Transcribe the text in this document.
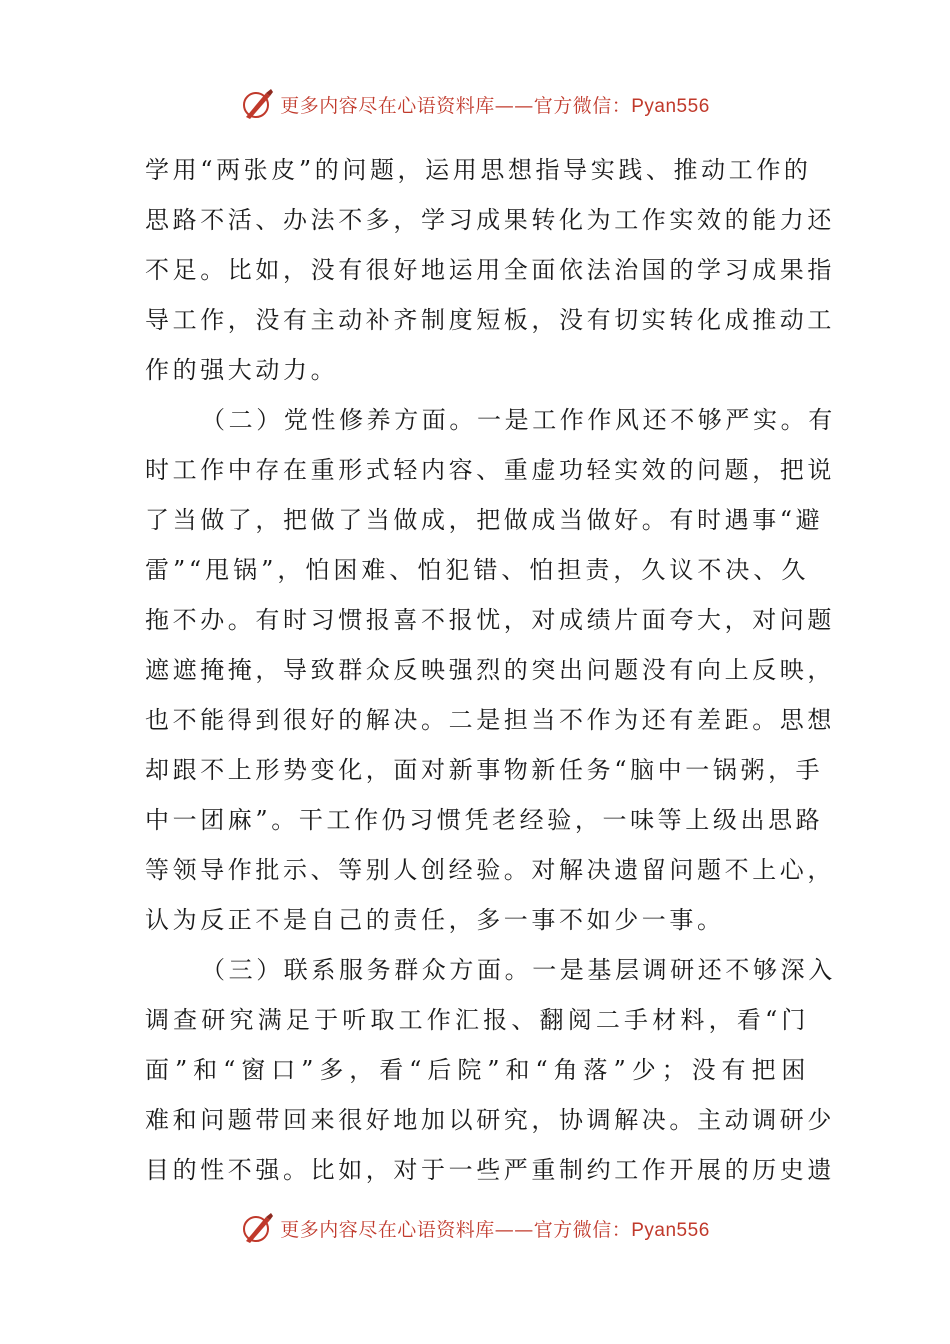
更多内容尽在心语资料库——官方微信：Pyan556
学用“两张皮”的问题，运用思想指导实践、推动工作的
思路不活、办法不多，学习成果转化为工作实效的能力还
不足。比如，没有很好地运用全面依法治国的学习成果指
导工作，没有主动补齐制度短板，没有切实转化成推动工
作的强大动力。
（二）党性修养方面。一是工作作风还不够严实。有
时工作中存在重形式轻内容、重虚功轻实效的问题，把说
了当做了，把做了当做成，把做成当做好。有时遇事“避
雷”“甩锅”，怕困难、怕犯错、怕担责，久议不决、久
拖不办。有时习惯报喜不报忧，对成绩片面夸大，对问题
遮遮掩掩，导致群众反映强烈的突出问题没有向上反映，
也不能得到很好的解决。二是担当不作为还有差距。思想
却跟不上形势变化，面对新事物新任务“脑中一锅粥，手
中一团麻”。干工作仍习惯凭老经验，一味等上级出思路
等领导作批示、等别人创经验。对解决遗留问题不上心，
认为反正不是自己的责任，多一事不如少一事。
（三）联系服务群众方面。一是基层调研还不够深入
调查研究满足于听取工作汇报、翻阅二手材料，看“门
面”和“窗口”多，看“后院”和“角落”少；没有把困
难和问题带回来很好地加以研究，协调解决。主动调研少
目的性不强。比如，对于一些严重制约工作开展的历史遗
更多内容尽在心语资料库——官方微信：Pyan556
